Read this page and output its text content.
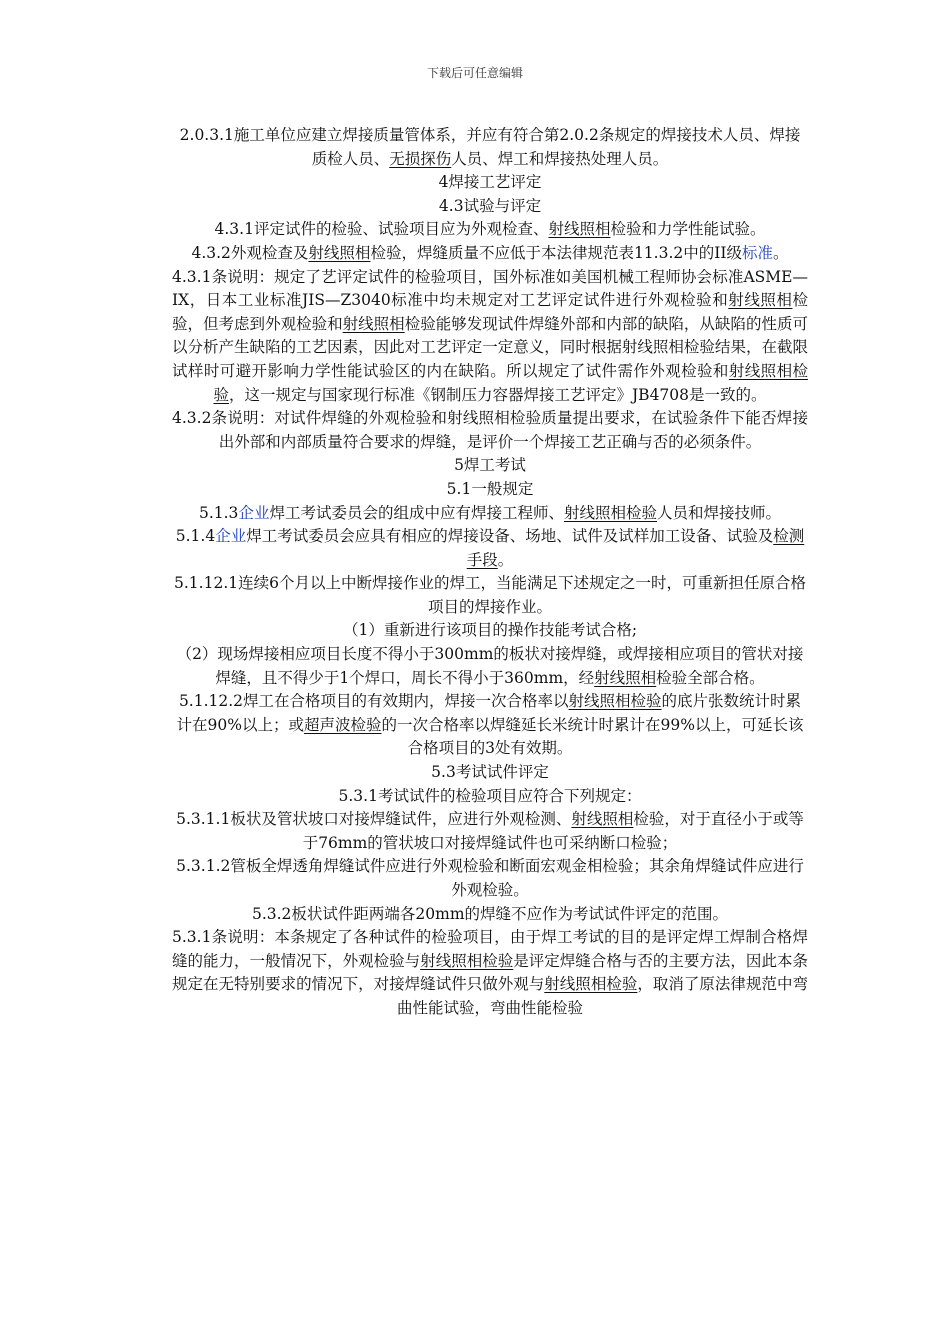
下载后可任意编辑

2.0.3.1施工单位应建立焊接质量管体系，并应有符合第2.0.2条规定的焊接技术人员、焊接质检人员、无损探伤人员、焊工和焊接热处理人员。

4焊接工艺评定

4.3试验与评定

4.3.1评定试件的检验、试验项目应为外观检查、射线照相检验和力学性能试验。

4.3.2外观检查及射线照相检验，焊缝质量不应低于本法律规范表11.3.2中的II级标准。

4.3.1条说明：规定了艺评定试件的检验项目，国外标准如美国机械工程师协会标准ASME—IX，日本工业标准JIS—Z3040标准中均未规定对工艺评定试件进行外观检验和射线照相检验，但考虑到外观检验和射线照相检验能够发现试件焊缝外部和内部的缺陷，从缺陷的性质可以分析产生缺陷的工艺因素，因此对工艺评定一定意义，同时根据射线照相检验结果，在截限试样时可避开影响力学性能试验区的内在缺陷。所以规定了试件需作外观检验和射线照相检验，这一规定与国家现行标准《钢制压力容器焊接工艺评定》JB4708是一致的。

4.3.2条说明：对试件焊缝的外观检验和射线照相检验质量提出要求，在试验条件下能否焊接出外部和内部质量符合要求的焊缝，是评价一个焊接工艺正确与否的必须条件。

5焊工考试

5.1一般规定

5.1.3企业焊工考试委员会的组成中应有焊接工程师、射线照相检验人员和焊接技师。

5.1.4企业焊工考试委员会应具有相应的焊接设备、场地、试件及试样加工设备、试验及检测手段。

5.1.12.1连续6个月以上中断焊接作业的焊工，当能满足下述规定之一时，可重新担任原合格项目的焊接作业。

（1）重新进行该项目的操作技能考试合格;

（2）现场焊接相应项目长度不得小于300mm的板状对接焊缝，或焊接相应项目的管状对接焊缝，且不得少于1个焊口，周长不得小于360mm，经射线照相检验全部合格。

5.1.12.2焊工在合格项目的有效期内，焊接一次合格率以射线照相检验的底片张数统计时累计在90%以上；或超声波检验的一次合格率以焊缝延长米统计时累计在99%以上，可延长该合格项目的3处有效期。

5.3考试试件评定

5.3.1考试试件的检验项目应符合下列规定：

5.3.1.1板状及管状坡口对接焊缝试件，应进行外观检测、射线照相检验，对于直径小于或等于76mm的管状坡口对接焊缝试件也可采纳断口检验；

5.3.1.2管板全焊透角焊缝试件应进行外观检验和断面宏观金相检验；其余角焊缝试件应进行外观检验。

5.3.2板状试件距两端各20mm的焊缝不应作为考试试件评定的范围。

5.3.1条说明：本条规定了各种试件的检验项目，由于焊工考试的目的是评定焊工焊制合格焊缝的能力，一般情况下，外观检验与射线照相检验是评定焊缝合格与否的主要方法，因此本条规定在无特别要求的情况下，对接焊缝试件只做外观与射线照相检验，取消了原法律规范中弯曲性能试验，弯曲性能检验
